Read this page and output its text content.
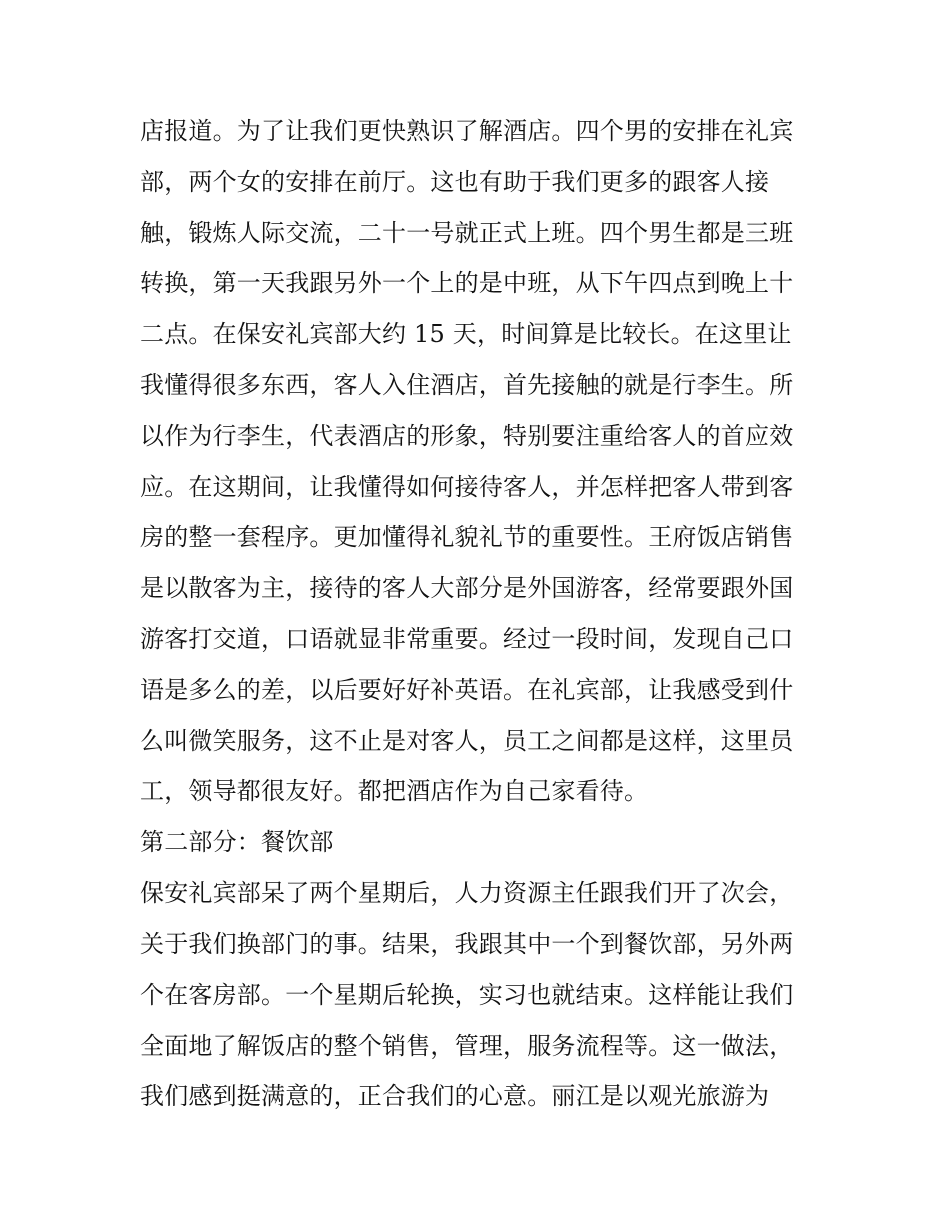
店报道。为了让我们更快熟识了解酒店。四个男的安排在礼宾
部，两个女的安排在前厅。这也有助于我们更多的跟客人接
触，锻炼人际交流，二十一号就正式上班。四个男生都是三班
转换，第一天我跟另外一个上的是中班，从下午四点到晚上十
二点。在保安礼宾部大约 15 天，时间算是比较长。在这里让
我懂得很多东西，客人入住酒店，首先接触的就是行李生。所
以作为行李生，代表酒店的形象，特别要注重给客人的首应效
应。在这期间，让我懂得如何接待客人，并怎样把客人带到客
房的整一套程序。更加懂得礼貌礼节的重要性。王府饭店销售
是以散客为主，接待的客人大部分是外国游客，经常要跟外国
游客打交道，口语就显非常重要。经过一段时间，发现自己口
语是多么的差，以后要好好补英语。在礼宾部，让我感受到什
么叫微笑服务，这不止是对客人，员工之间都是这样，这里员
工，领导都很友好。都把酒店作为自己家看待。
第二部分：餐饮部
保安礼宾部呆了两个星期后，人力资源主任跟我们开了次会，
关于我们换部门的事。结果，我跟其中一个到餐饮部，另外两
个在客房部。一个星期后轮换，实习也就结束。这样能让我们
全面地了解饭店的整个销售，管理，服务流程等。这一做法，
我们感到挺满意的，正合我们的心意。丽江是以观光旅游为
